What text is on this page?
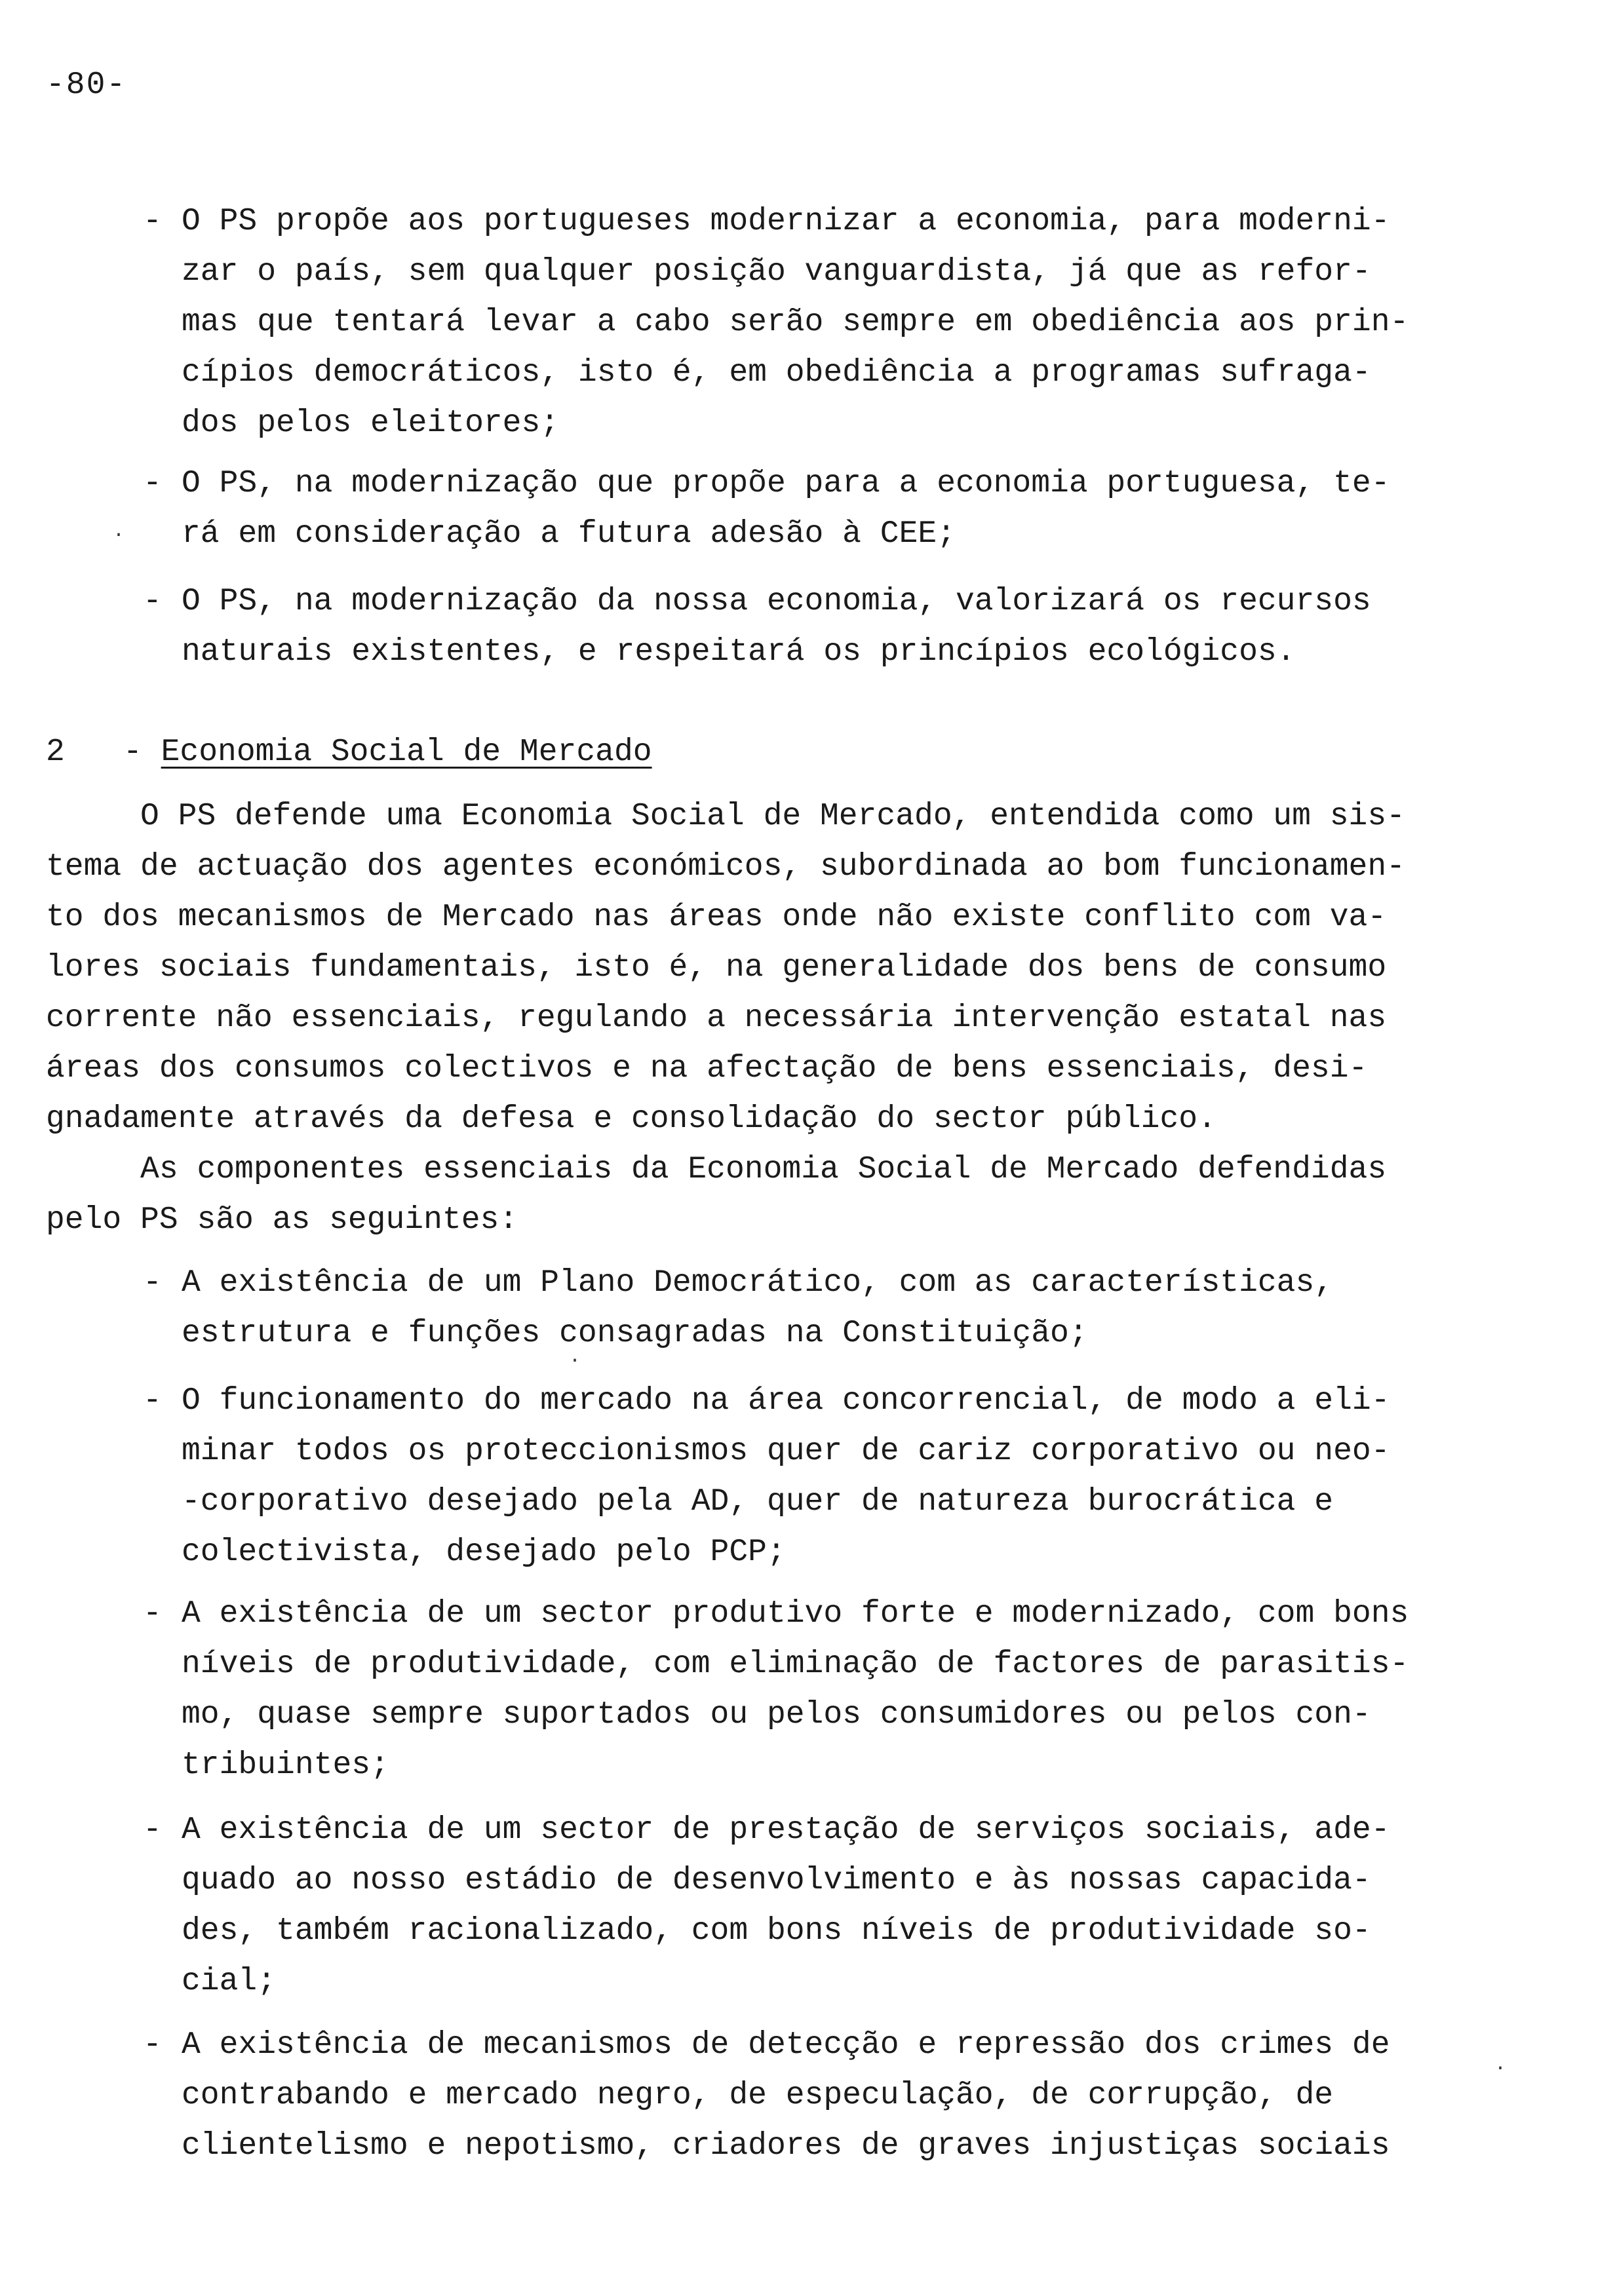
-80-
- O PS propõe aos portugueses modernizar a economia, para moderni-
zar o país, sem qualquer posição vanguardista, já que as refor-
mas que tentará levar a cabo serão sempre em obediência aos prin-
cípios democráticos, isto é, em obediência a programas sufraga-
dos pelos eleitores;
- O PS, na modernização que propõe para a economia portuguesa, te-
rá em consideração a futura adesão à CEE;
- O PS, na modernização da nossa economia, valorizará os recursos
naturais existentes, e respeitará os princípios ecológicos.
2 - Economia Social de Mercado
O PS defende uma Economia Social de Mercado, entendida como um sis-
tema de actuação dos agentes económicos, subordinada ao bom funcionamen-
to dos mecanismos de Mercado nas áreas onde não existe conflito com va-
lores sociais fundamentais, isto é, na generalidade dos bens de consumo
corrente não essenciais, regulando a necessária intervenção estatal nas
áreas dos consumos colectivos e na afectação de bens essenciais, desi-
gnadamente através da defesa e consolidação do sector público.
As componentes essenciais da Economia Social de Mercado defendidas
pelo PS são as seguintes:
- A existência de um Plano Democrático, com as características,
estrutura e funções consagradas na Constituição;
- O funcionamento do mercado na área concorrencial, de modo a eli-
minar todos os proteccionismos quer de cariz corporativo ou neo-
-corporativo desejado pela AD, quer de natureza burocrática e
colectivista, desejado pelo PCP;
- A existência de um sector produtivo forte e modernizado, com bons
níveis de produtividade, com eliminação de factores de parasitis-
mo, quase sempre suportados ou pelos consumidores ou pelos con-
tribuintes;
- A existência de um sector de prestação de serviços sociais, ade-
quado ao nosso estádio de desenvolvimento e às nossas capacida-
des, também racionalizado, com bons níveis de produtividade so-
cial;
- A existência de mecanismos de detecção e repressão dos crimes de
contrabando e mercado negro, de especulação, de corrupção, de
clientelismo e nepotismo, criadores de graves injustiças sociais
·
·
·
